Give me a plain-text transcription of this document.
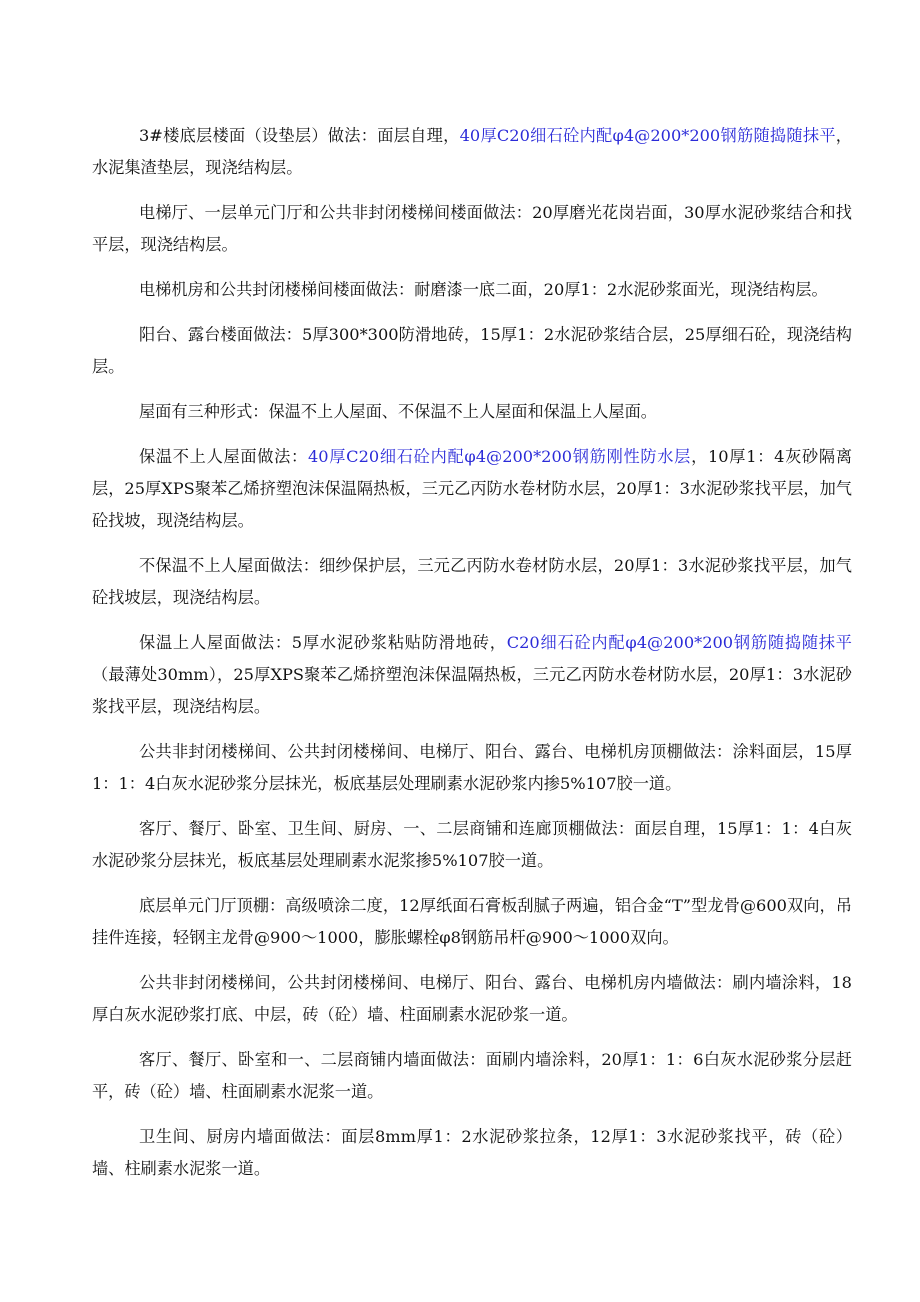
3#楼底层楼面（设垫层）做法：面层自理，40厚C20细石砼内配φ4@200*200钢筋随捣随抹平，水泥集渣垫层，现浇结构层。

电梯厅、一层单元门厅和公共非封闭楼梯间楼面做法：20厚磨光花岗岩面，30厚水泥砂浆结合和找平层，现浇结构层。

电梯机房和公共封闭楼梯间楼面做法：耐磨漆一底二面，20厚1：2水泥砂浆面光，现浇结构层。

阳台、露台楼面做法：5厚300*300防滑地砖，15厚1：2水泥砂浆结合层，25厚细石砼，现浇结构层。

屋面有三种形式：保温不上人屋面、不保温不上人屋面和保温上人屋面。

保温不上人屋面做法：40厚C20细石砼内配φ4@200*200钢筋刚性防水层，10厚1：4灰砂隔离层，25厚XPS聚苯乙烯挤塑泡沫保温隔热板，三元乙丙防水卷材防水层，20厚1：3水泥砂浆找平层，加气砼找坡，现浇结构层。

不保温不上人屋面做法：细纱保护层，三元乙丙防水卷材防水层，20厚1：3水泥砂浆找平层，加气砼找坡层，现浇结构层。

保温上人屋面做法：5厚水泥砂浆粘贴防滑地砖，C20细石砼内配φ4@200*200钢筋随捣随抹平（最薄处30mm），25厚XPS聚苯乙烯挤塑泡沫保温隔热板，三元乙丙防水卷材防水层，20厚1：3水泥砂浆找平层，现浇结构层。

公共非封闭楼梯间、公共封闭楼梯间、电梯厅、阳台、露台、电梯机房顶棚做法：涂料面层，15厚1：1：4白灰水泥砂浆分层抹光，板底基层处理刷素水泥砂浆内掺5%107胶一道。

客厅、餐厅、卧室、卫生间、厨房、一、二层商铺和连廊顶棚做法：面层自理，15厚1：1：4白灰水泥砂浆分层抹光，板底基层处理刷素水泥浆掺5%107胶一道。

底层单元门厅顶棚：高级喷涂二度，12厚纸面石膏板刮腻子两遍，铝合金“T”型龙骨@600双向，吊挂件连接，轻钢主龙骨@900～1000，膨胀螺栓φ8钢筋吊杆@900～1000双向。

公共非封闭楼梯间，公共封闭楼梯间、电梯厅、阳台、露台、电梯机房内墙做法：刷内墙涂料，18厚白灰水泥砂浆打底、中层，砖（砼）墙、柱面刷素水泥砂浆一道。

客厅、餐厅、卧室和一、二层商铺内墙面做法：面刷内墙涂料，20厚1：1：6白灰水泥砂浆分层赶平，砖（砼）墙、柱面刷素水泥浆一道。

卫生间、厨房内墙面做法：面层8mm厚1：2水泥砂浆拉条，12厚1：3水泥砂浆找平，砖（砼）墙、柱刷素水泥浆一道。
